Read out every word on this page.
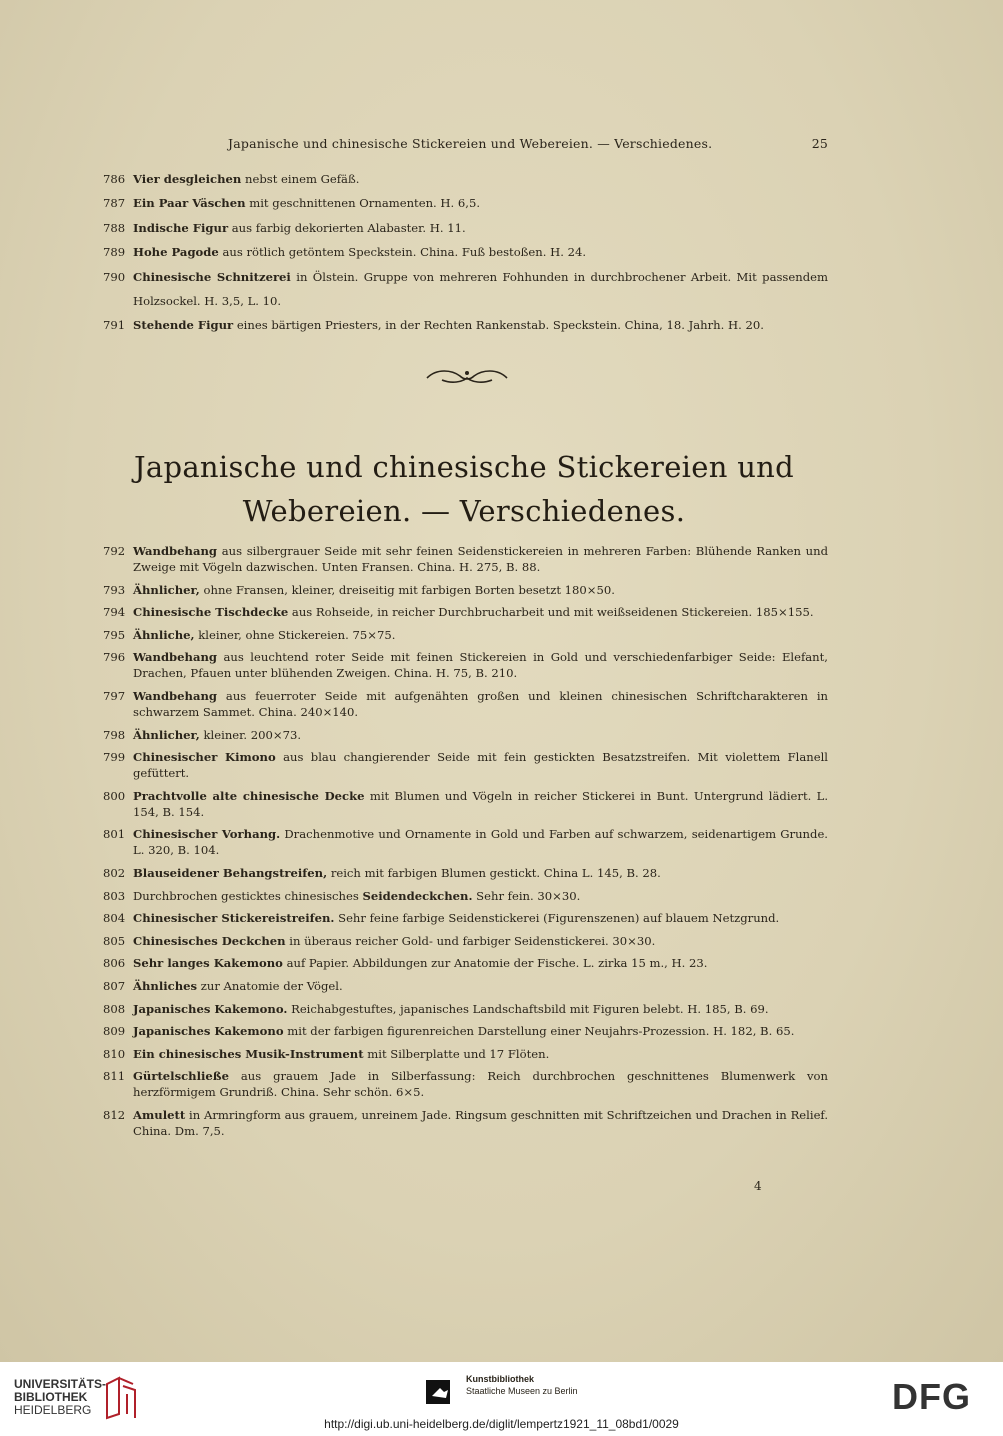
Japanische und chinesische Stickereien und Webereien. — Verschiedenes.	25
786 Vier desgleichen nebst einem Gefäß.
787 Ein Paar Väschen mit geschnittenen Ornamenten. H. 6,5.
788 Indische Figur aus farbig dekorierten Alabaster. H. 11.
789 Hohe Pagode aus rötlich getöntem Speckstein. China. Fuß bestoßen. H. 24.
790 Chinesische Schnitzerei in Ölstein. Gruppe von mehreren Fohhunden in durchbrochener Arbeit. Mit passendem Holzsockel. H. 3,5, L. 10.
791 Stehende Figur eines bärtigen Priesters, in der Rechten Rankenstab. Speckstein. China, 18. Jahrh. H. 20.
Japanische und chinesische Stickereien und
Webereien. — Verschiedenes.
792 Wandbehang aus silbergrauer Seide mit sehr feinen Seidenstickereien in mehreren Farben: Blühende Ranken und Zweige mit Vögeln dazwischen. Unten Fransen. China. H. 275, B. 88.
793 Ähnlicher, ohne Fransen, kleiner, dreiseitig mit farbigen Borten besetzt 180×50.
794 Chinesische Tischdecke aus Rohseide, in reicher Durchbrucharbeit und mit weißseidenen Stickereien. 185×155.
795 Ähnliche, kleiner, ohne Stickereien. 75×75.
796 Wandbehang aus leuchtend roter Seide mit feinen Stickereien in Gold und verschiedenfarbiger Seide: Elefant, Drachen, Pfauen unter blühenden Zweigen. China. H. 75, B. 210.
797 Wandbehang aus feuerroter Seide mit aufgenähten großen und kleinen chinesischen Schriftcharakteren in schwarzem Sammet. China. 240×140.
798 Ähnlicher, kleiner. 200×73.
799 Chinesischer Kimono aus blau changierender Seide mit fein gestickten Besatzstreifen. Mit violettem Flanell gefüttert.
800 Prachtvolle alte chinesische Decke mit Blumen und Vögeln in reicher Stickerei in Bunt. Untergrund lädiert. L. 154, B. 154.
801 Chinesischer Vorhang. Drachenmotive und Ornamente in Gold und Farben auf schwarzem, seidenartigem Grunde. L. 320, B. 104.
802 Blauseidener Behangstreifen, reich mit farbigen Blumen gestickt. China L. 145, B. 28.
803 Durchbrochen gesticktes chinesisches Seidendeckchen. Sehr fein. 30×30.
804 Chinesischer Stickereistreifen. Sehr feine farbige Seidenstickerei (Figurenszenen) auf blauem Netzgrund.
805 Chinesisches Deckchen in überaus reicher Gold- und farbiger Seidenstickerei. 30×30.
806 Sehr langes Kakemono auf Papier. Abbildungen zur Anatomie der Fische. L. zirka 15 m., H. 23.
807 Ähnliches zur Anatomie der Vögel.
808 Japanisches Kakemono. Reichabgestuftes, japanisches Landschaftsbild mit Figuren belebt. H. 185, B. 69.
809 Japanisches Kakemono mit der farbigen figurenreichen Darstellung einer Neujahrs-Prozession. H. 182, B. 65.
810 Ein chinesisches Musik-Instrument mit Silberplatte und 17 Flöten.
811 Gürtelschließe aus grauem Jade in Silberfassung: Reich durchbrochen geschnittenes Blumenwerk von herzförmigem Grundriß. China. Sehr schön. 6×5.
812 Amulett in Armringform aus grauem, unreinem Jade. Ringsum geschnitten mit Schriftzeichen und Drachen in Relief. China. Dm. 7,5.
4
UNIVERSITÄTS-
BIBLIOTHEK
HEIDELBERG
Kunstbibliothek
Staatliche Museen zu Berlin	DFG
http://digi.ub.uni-heidelberg.de/diglit/lempertz1921_11_08bd1/0029
